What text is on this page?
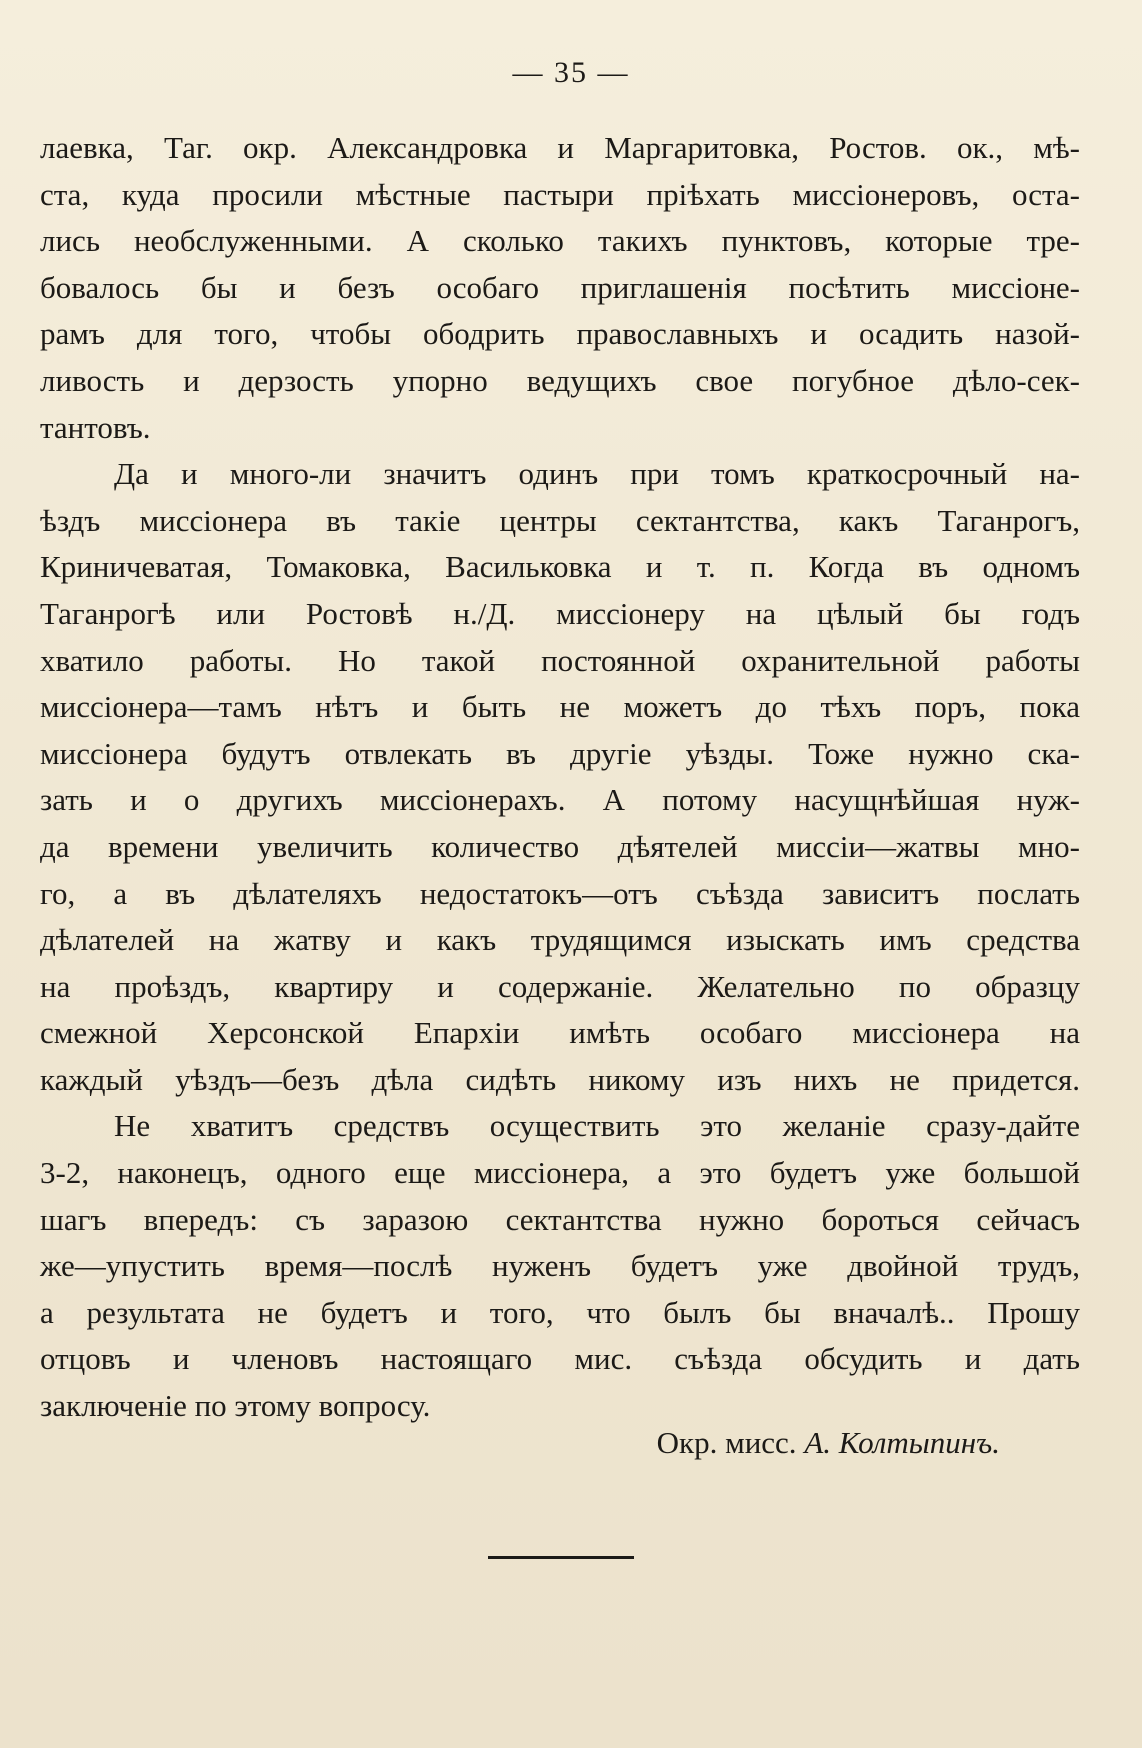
— 35 —
лаевка, Таг. окр. Александровка и Маргаритовка, Ростов. ок., мѣ-
ста, куда просили мѣстные пастыри прiѣхать миссiонеровъ, оста-
лись необслуженными. А сколько такихъ пунктовъ, которые тре-
бовалось бы и безъ особаго приглашенiя посѣтить миссiоне-
рамъ для того, чтобы ободрить православныхъ и осадить назой-
ливость и дерзость упорно ведущихъ свое погубное дѣло-сек-
тантовъ.
Да и много-ли значитъ одинъ при томъ краткосрочный на-
ѣздъ миссiонера въ такiе центры сектантства, какъ Таганрогъ,
Криничеватая, Томаковка, Васильковка и т. п. Когда въ одномъ
Таганрогѣ или Ростовѣ н./Д. миссiонеру на цѣлый бы годъ
хватило работы. Но такой постоянной охранительной работы
миссiонера—тамъ нѣтъ и быть не можетъ до тѣхъ поръ, пока
миссiонера будутъ отвлекать въ другiе уѣзды. Тоже нужно ска-
зать и о другихъ миссiонерахъ. А потому насущнѣйшая нуж-
да времени увеличить количество дѣятелей миссiи—жатвы мно-
го, а въ дѣлателяхъ недостатокъ—отъ съѣзда зависитъ послать
дѣлателей на жатву и какъ трудящимся изыскать имъ средства
на проѣздъ, квартиру и содержанiе. Желательно по образцу
смежной Херсонской Епархiи имѣть особаго миссiонера на
каждый уѣздъ—безъ дѣла сидѣть никому изъ нихъ не придется.
Не хватитъ средствъ осуществить это желанiе сразу-дайте
3-2, наконецъ, одного еще миссiонера, а это будетъ уже большой
шагъ впередъ: съ заразою сектантства нужно бороться сейчасъ
же—упустить время—послѣ нуженъ будетъ уже двойной трудъ,
а результата не будетъ и того, что былъ бы вначалѣ.. Прошу
отцовъ и членовъ настоящаго мис. съѣзда обсудить и дать
заключенiе по этому вопросу.
Окр. мисс. А. Колтыпинъ.
